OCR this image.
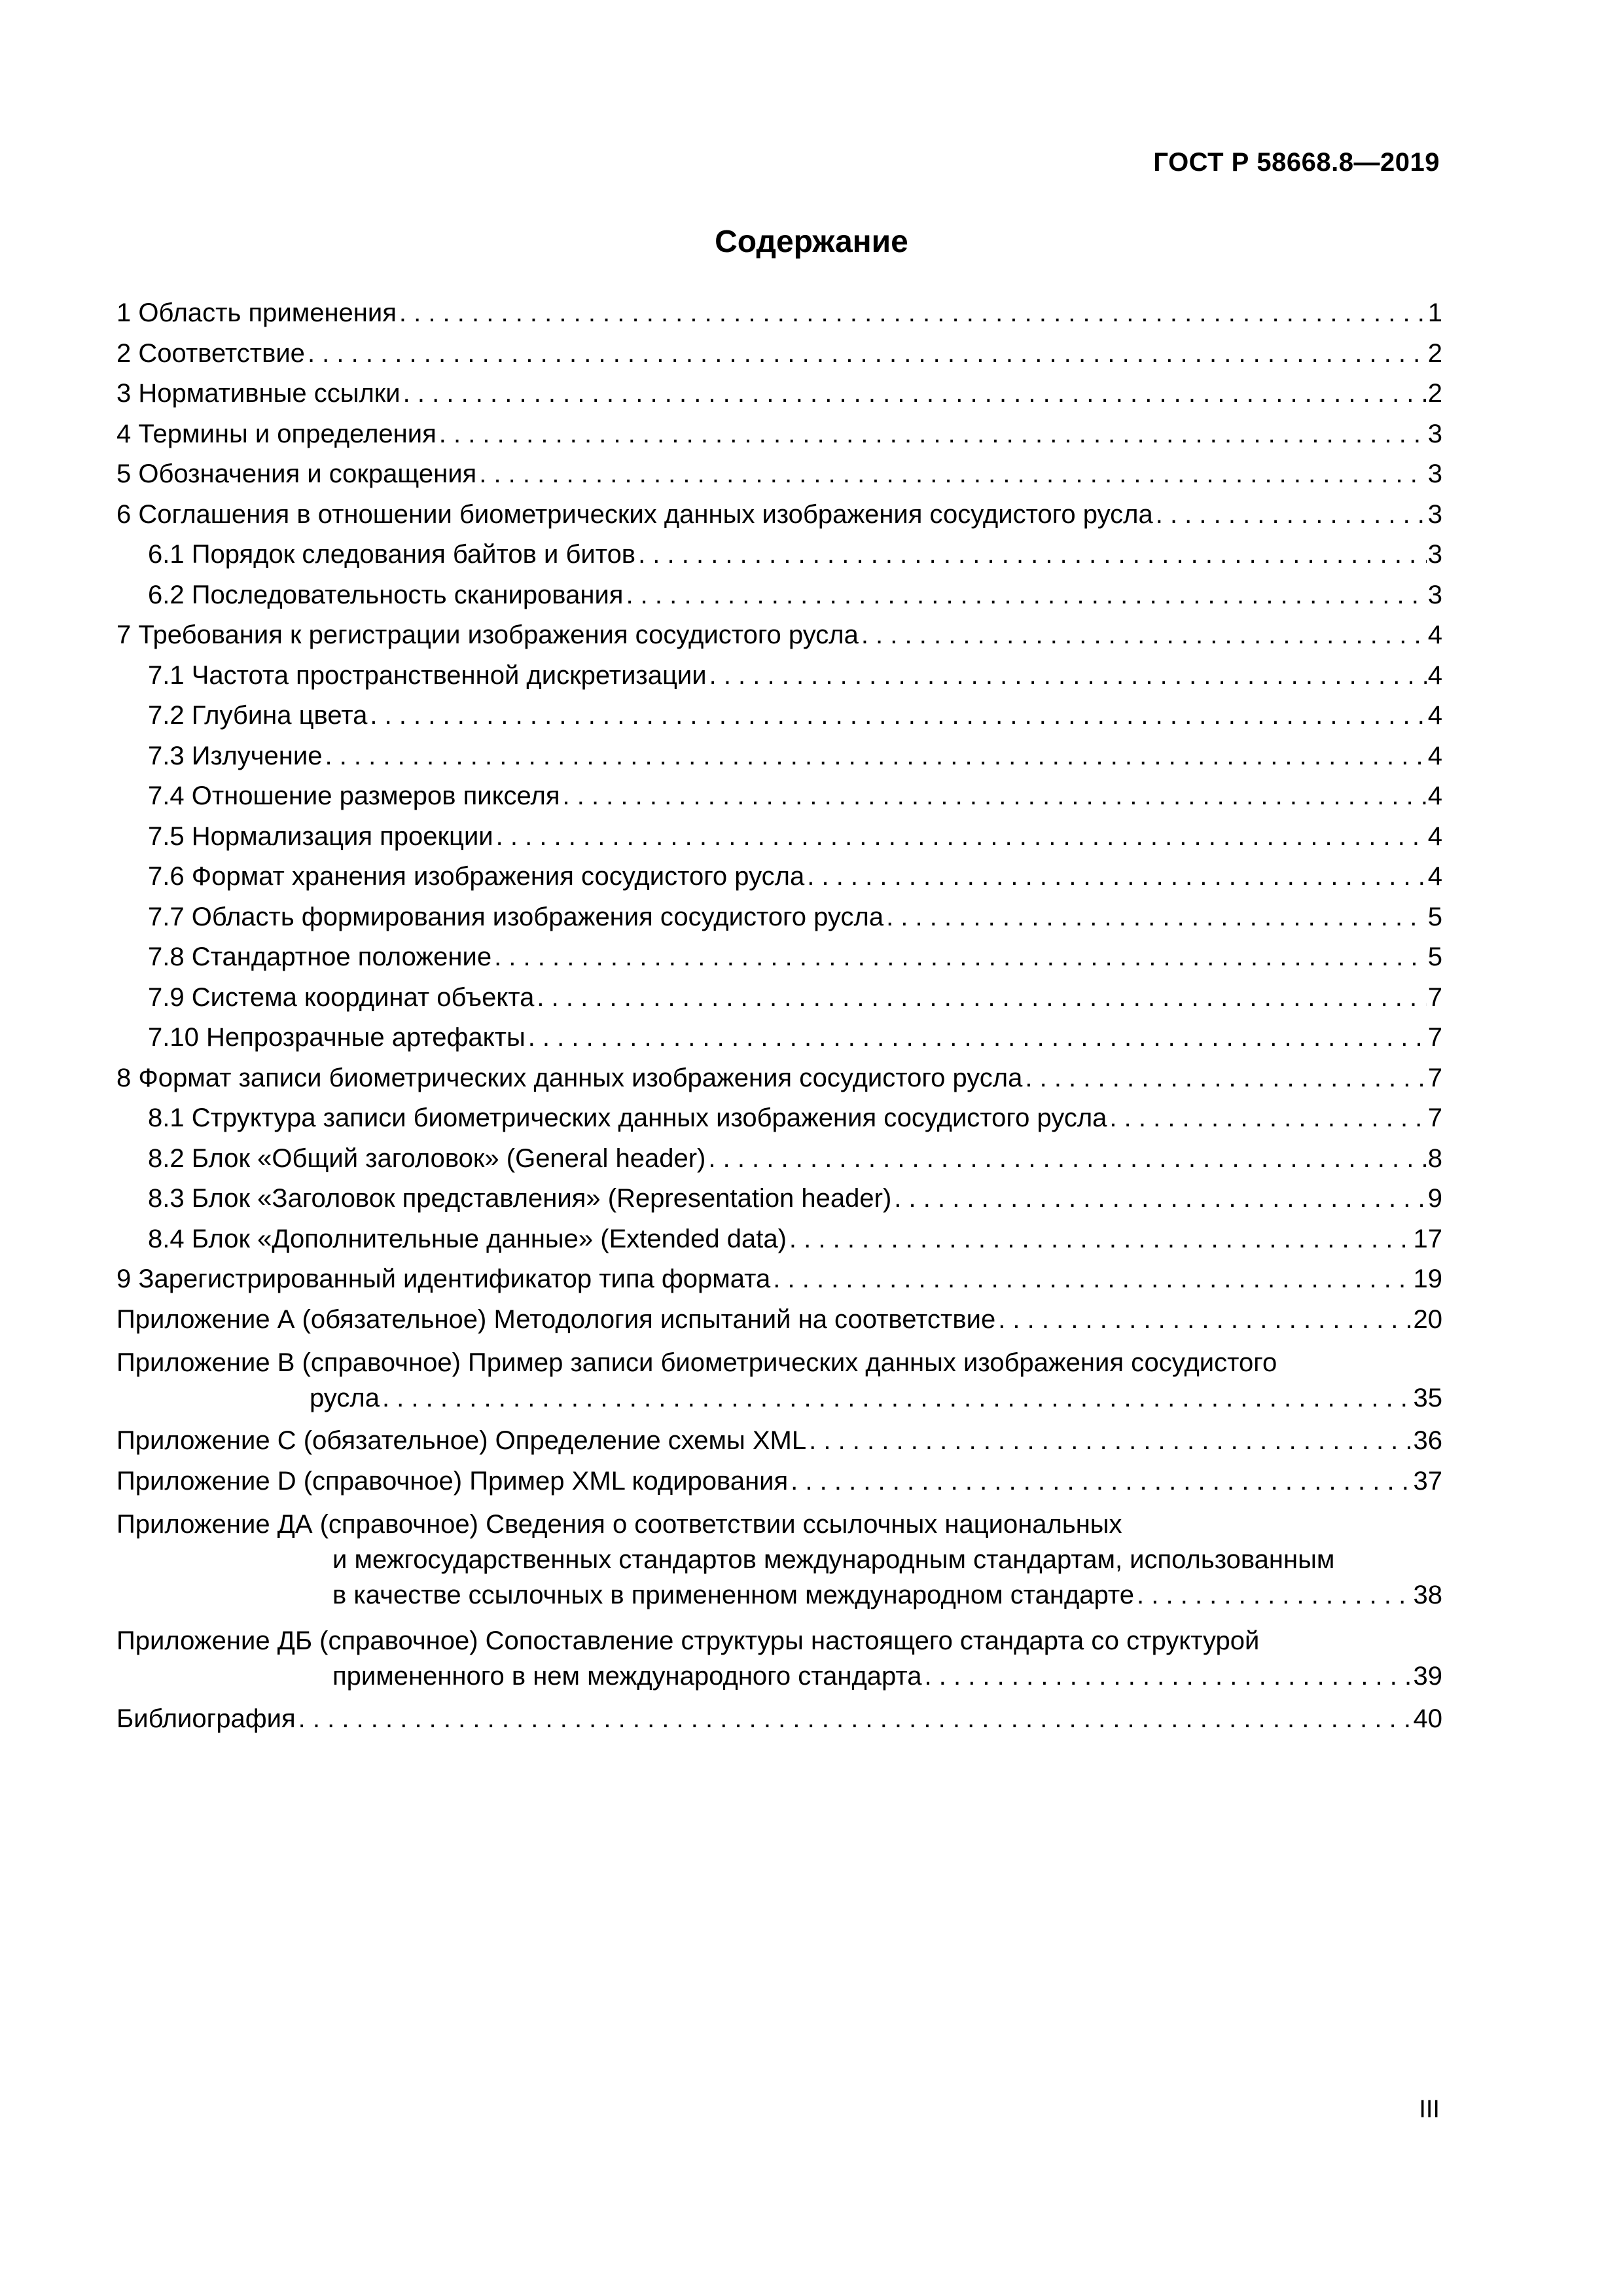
ГОСТ Р 58668.8—2019
Содержание
1 Область применения . . .	1
2 Соответствие . . .	2
3 Нормативные ссылки . . .	2
4 Термины и определения . . .	3
5 Обозначения и сокращения . . .	3
6 Соглашения в отношении биометрических данных изображения сосудистого русла . . .	3
6.1 Порядок следования байтов и битов . . .	3
6.2 Последовательность сканирования . . .	3
7 Требования к регистрации изображения сосудистого русла . . .	4
7.1 Частота пространственной дискретизации . . .	4
7.2 Глубина цвета . . .	4
7.3 Излучение . . .	4
7.4 Отношение размеров пикселя . . .	4
7.5 Нормализация проекции . . .	4
7.6 Формат хранения изображения сосудистого русла . . .	4
7.7 Область формирования изображения сосудистого русла . . .	5
7.8 Стандартное положение . . .	5
7.9 Система координат объекта . . .	7
7.10 Непрозрачные артефакты . . .	7
8 Формат записи биометрических данных изображения сосудистого русла . . .	7
8.1 Структура записи биометрических данных изображения сосудистого русла . . .	7
8.2 Блок «Общий заголовок» (General header) . . .	8
8.3 Блок «Заголовок представления» (Representation header) . . .	9
8.4 Блок «Дополнительные данные» (Extended data) . . .	17
9 Зарегистрированный идентификатор типа формата . . .	19
Приложение А (обязательное) Методология испытаний на соответствие . . .	20
Приложение В (справочное) Пример записи биометрических данных изображения сосудистого
русла . . .	35
Приложение С (обязательное) Определение схемы XML . . .	36
Приложение D (справочное) Пример XML кодирования . . .	37
Приложение ДА (справочное) Сведения о соответствии ссылочных национальных
и межгосударственных стандартов международным стандартам, использованным
в качестве ссылочных в примененном международном стандарте . . .	38
Приложение ДБ (справочное) Сопоставление структуры настоящего стандарта со структурой
примененного в нем международного стандарта . . .	39
Библиография . . .	40
III
